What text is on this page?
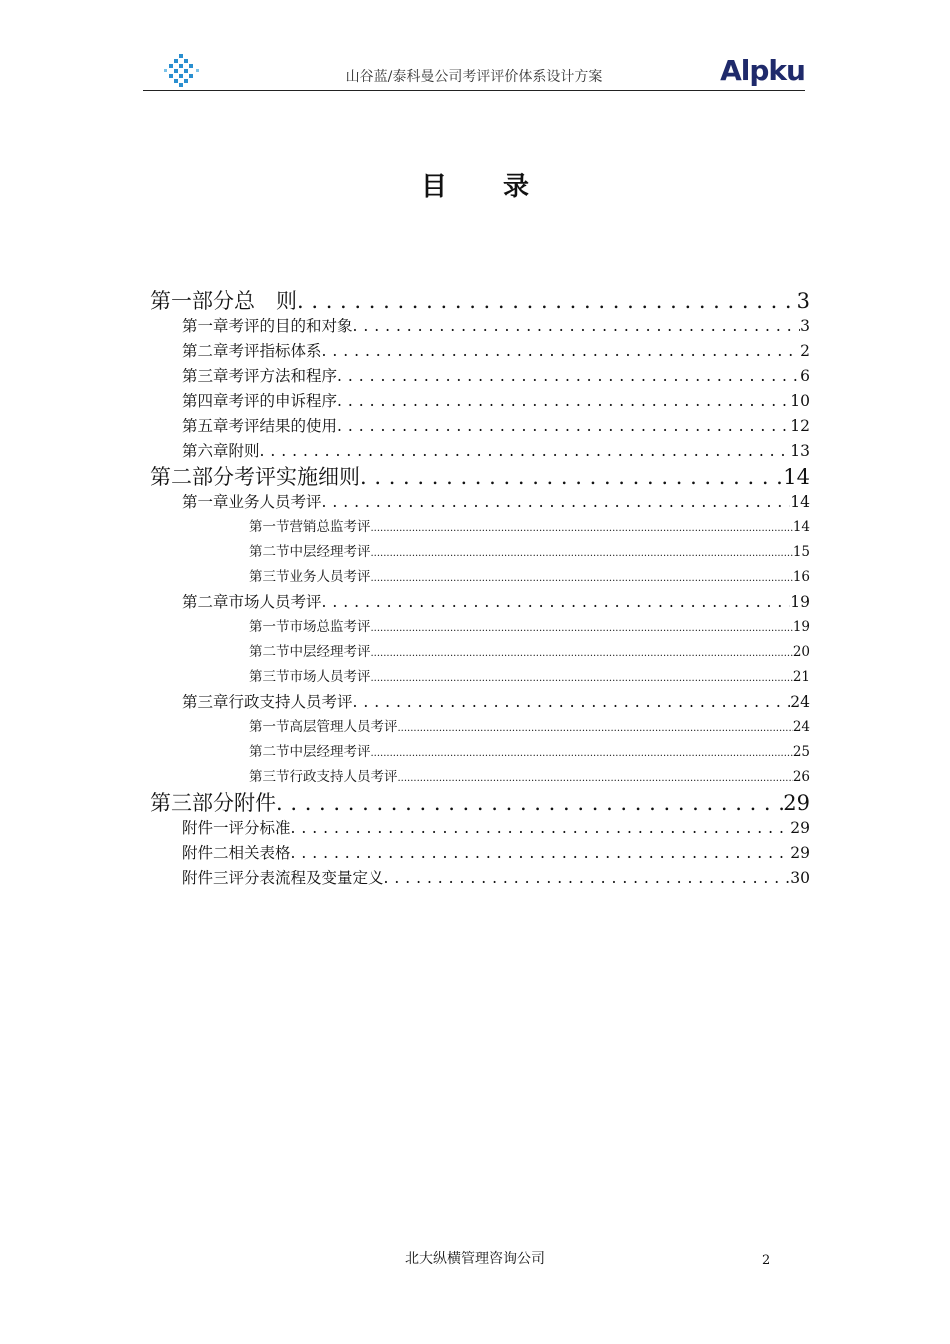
山谷蓝/泰科曼公司考评评价体系设计方案	Alpku
目录
第一部分 总　则 . . .	3
第一章 考评的目的和对象 . . .	3
第二章 考评指标体系 . . .	2
第三章 考评方法和程序 . . .	6
第四章 考评的申诉程序 . . .	10
第五章 考评结果的使用 . . .	12
第六章 附则 . . .	13
第二部分 考评实施细则 . . .	14
第一章 业务人员考评 . . .	14
第一节营销总监考评 .....	14
第二节中层经理考评 .....	15
第三节业务人员考评 .....	16
第二章 市场人员考评 . . .	19
第一节市场总监考评 .....	19
第二节中层经理考评 .....	20
第三节市场人员考评 .....	21
第三章 行政支持人员考评 . . .	24
第一节高层管理人员考评 .....	24
第二节中层经理考评 .....	25
第三节行政支持人员考评 .....	26
第三部分 附件 . . .	29
附件一 评分标准 . . .	29
附件二 相关表格 . . .	29
附件三 评分表流程及变量定义 . . .	30
北大纵横管理咨询公司	2
